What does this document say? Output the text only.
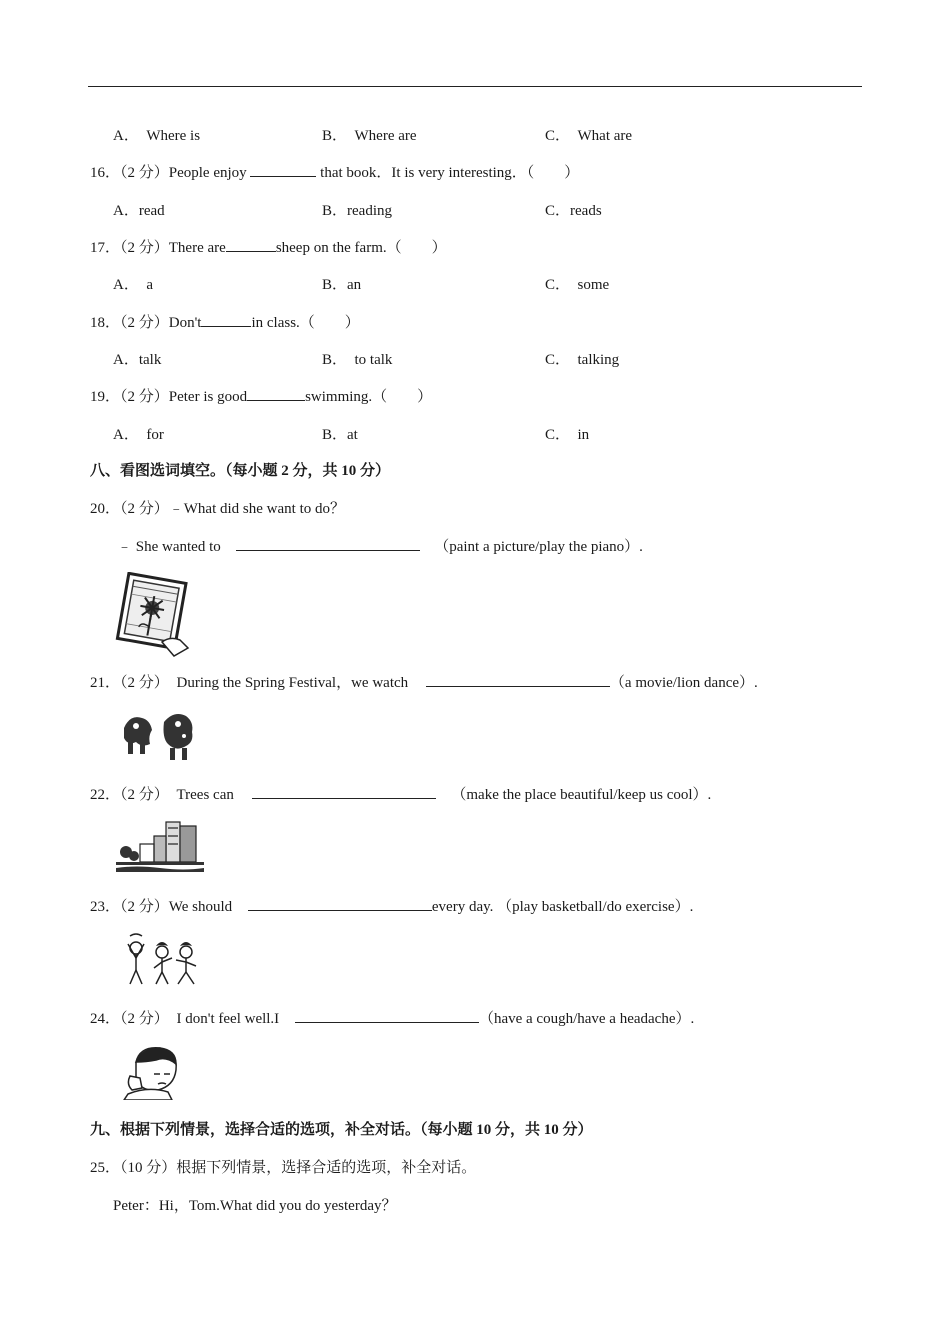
A．　Where is	B．　Where are	C．　What are
16．（2 分）People enjoy	that book．It is very interesting．（　　）
A．read	B．reading	C．reads
17．（2 分）There are	sheep on the farm.（　　）
A．　a	B．an	C．　some
18．（2 分）Don't	in class.（　　）
A．talk	B．　to talk	C．　talking
19．（2 分）Peter is good	swimming.（　　）
A．　for	B．at	C．　in
八、看图选词填空。（每小题 2 分，共 10 分）
20．（2 分）﹣What did she want to do？
﹣ She wanted to	（paint a picture/play the piano）.
21．（2 分） During the Spring Festival，we watch	（a movie/lion dance）.
22．（2 分） Trees can	（make the place beautiful/keep us cool）.
23．（2 分）We should	every day. （play basketball/do exercise）.
24．（2 分） I don't feel well.I	（have a cough/have a headache）.
九、根据下列情景，选择合适的选项，补全对话。（每小题 10 分，共 10 分）
25．（10 分）根据下列情景，选择合适的选项，补全对话。
Peter：Hi，Tom.What did you do yesterday？
